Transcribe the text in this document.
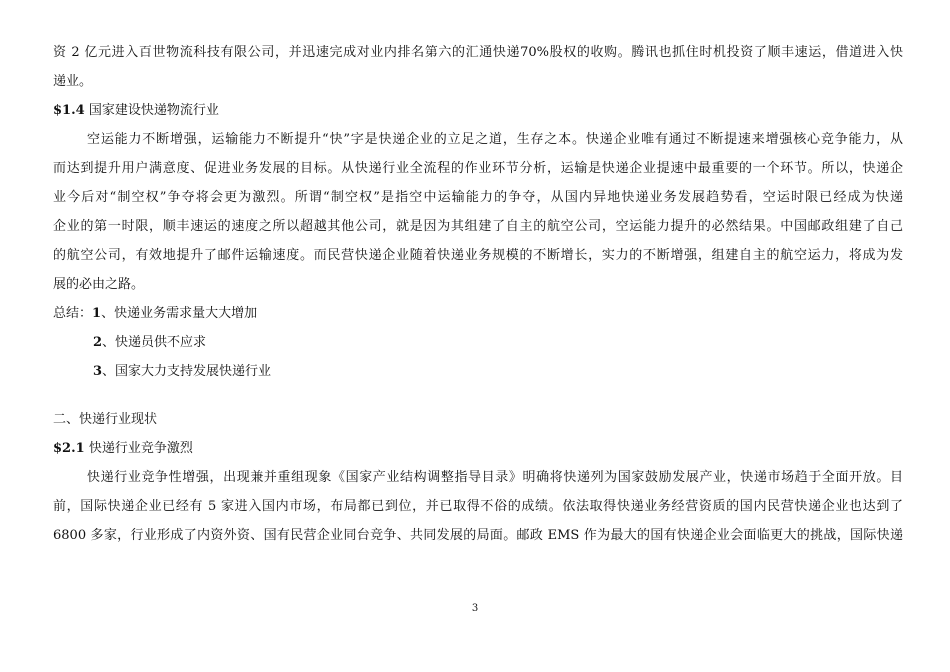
资 2 亿元进入百世物流科技有限公司，并迅速完成对业内排名第六的汇通快递70%股权的收购。腾讯也抓住时机投资了顺丰速运，借道进入快
递业。
$1.4 国家建设快递物流行业
空运能力不断增强，运输能力不断提升“快”字是快递企业的立足之道，生存之本。快递企业唯有通过不断提速来增强核心竞争能力，从
而达到提升用户满意度、促进业务发展的目标。从快递行业全流程的作业环节分析，运输是快递企业提速中最重要的一个环节。所以，快递企
业今后对“制空权”争夺将会更为激烈。所谓“制空权”是指空中运输能力的争夺，从国内异地快递业务发展趋势看，空运时限已经成为快递
企业的第一时限，顺丰速运的速度之所以超越其他公司，就是因为其组建了自主的航空公司，空运能力提升的必然结果。中国邮政组建了自己
的航空公司，有效地提升了邮件运输速度。而民营快递企业随着快递业务规模的不断增长，实力的不断增强，组建自主的航空运力，将成为发
展的必由之路。
总结：1、快递业务需求量大大增加
2、快递员供不应求
3、国家大力支持发展快递行业
二、快递行业现状
$2.1 快递行业竞争激烈
快递行业竞争性增强，出现兼并重组现象《国家产业结构调整指导目录》明确将快递列为国家鼓励发展产业，快递市场趋于全面开放。目
前，国际快递企业已经有 5 家进入国内市场，布局都已到位，并已取得不俗的成绩。依法取得快递业务经营资质的国内民营快递企业也达到了
6800 多家，行业形成了内资外资、国有民营企业同台竞争、共同发展的局面。邮政 EMS 作为最大的国有快递企业会面临更大的挑战，国际快递
3
